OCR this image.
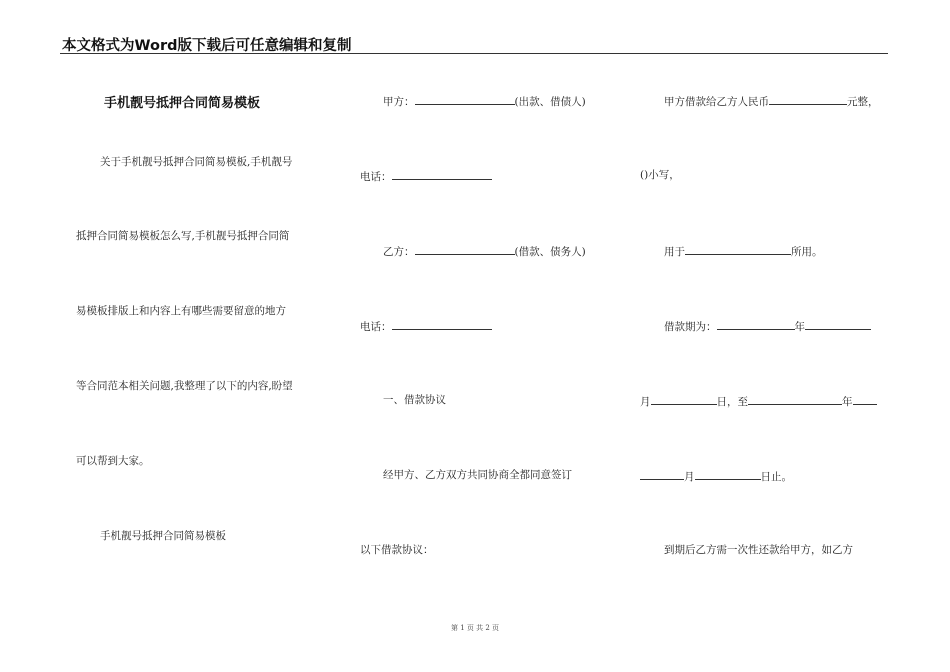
本文格式为Word版下载后可任意编辑和复制
手机靓号抵押合同简易模板
关于手机靓号抵押合同简易模板,手机靓号
抵押合同简易模板怎么写,手机靓号抵押合同简
易模板排版上和内容上有哪些需要留意的地方
等合同范本相关问题,我整理了以下的内容,盼望
可以帮到大家。
手机靓号抵押合同简易模板
甲方：	(出款、借债人)
电话：
乙方：	(借款、债务人)
电话：
一、借款协议
经甲方、乙方双方共同协商全都同意签订
以下借款协议：
甲方借款给乙方人民币	元整，
()小写，
用于	所用。
借款期为：	年
月	日，至	年
月	日止。
到期后乙方需一次性还款给甲方，如乙方
第 1 页 共 2 页
